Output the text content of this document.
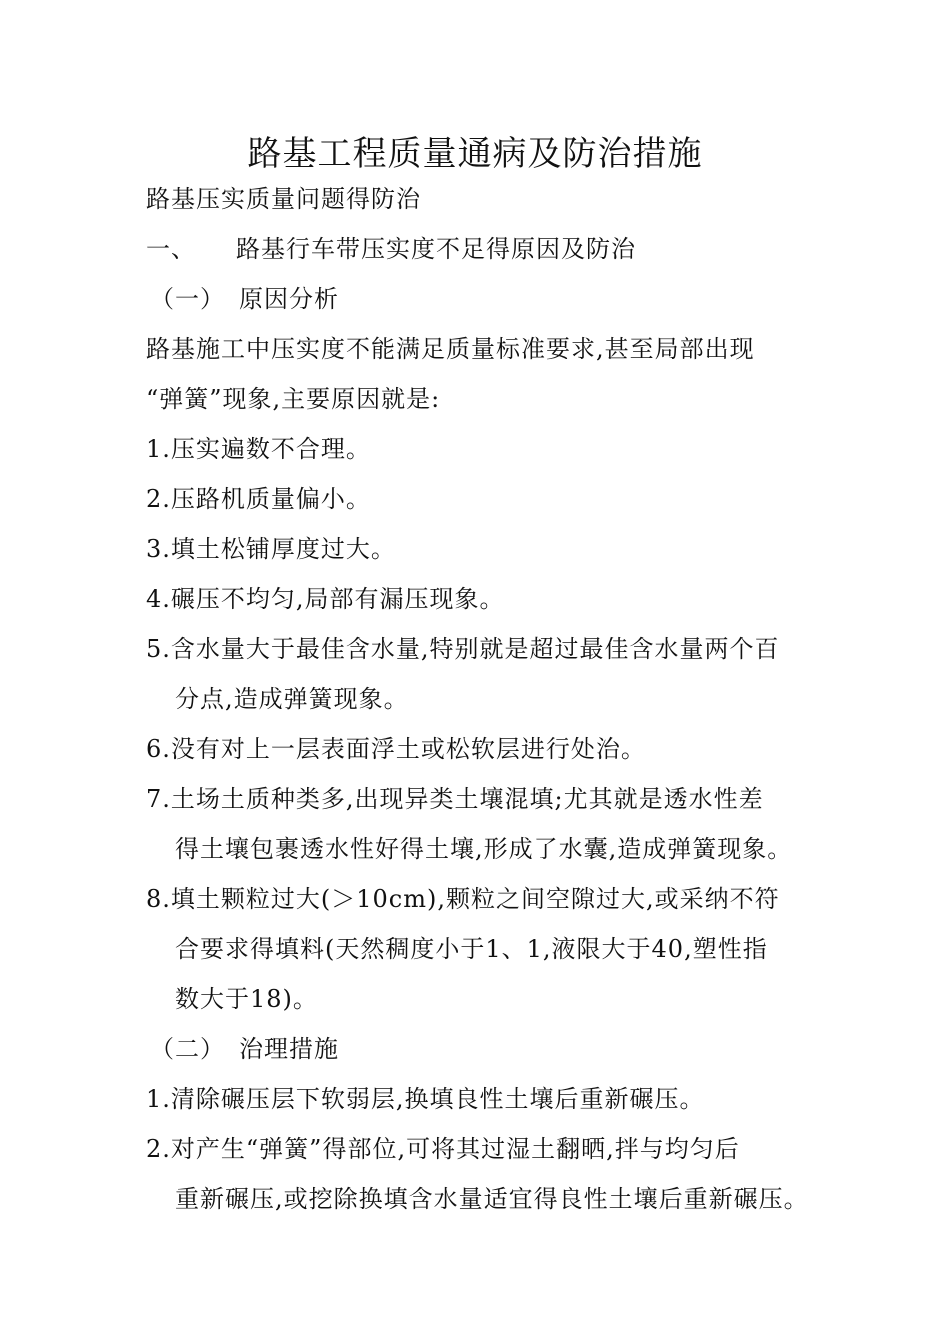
路基工程质量通病及防治措施
路基压实质量问题得防治
一、 路基行车带压实度不足得原因及防治
（一） 原因分析
路基施工中压实度不能满足质量标准要求,甚至局部出现
“弹簧”现象,主要原因就是:
1.压实遍数不合理。
2.压路机质量偏小。
3.填土松铺厚度过大。
4.碾压不均匀,局部有漏压现象。
5.含水量大于最佳含水量,特别就是超过最佳含水量两个百
分点,造成弹簧现象。
6.没有对上一层表面浮土或松软层进行处治。
7.土场土质种类多,出现异类土壤混填;尤其就是透水性差
得土壤包裹透水性好得土壤,形成了水囊,造成弹簧现象。
8.填土颗粒过大(＞10cm),颗粒之间空隙过大,或采纳不符
合要求得填料(天然稠度小于1、1,液限大于40,塑性指
数大于18)。
（二） 治理措施
1.清除碾压层下软弱层,换填良性土壤后重新碾压。
2.对产生“弹簧”得部位,可将其过湿土翻晒,拌与均匀后
重新碾压,或挖除换填含水量适宜得良性土壤后重新碾压。
